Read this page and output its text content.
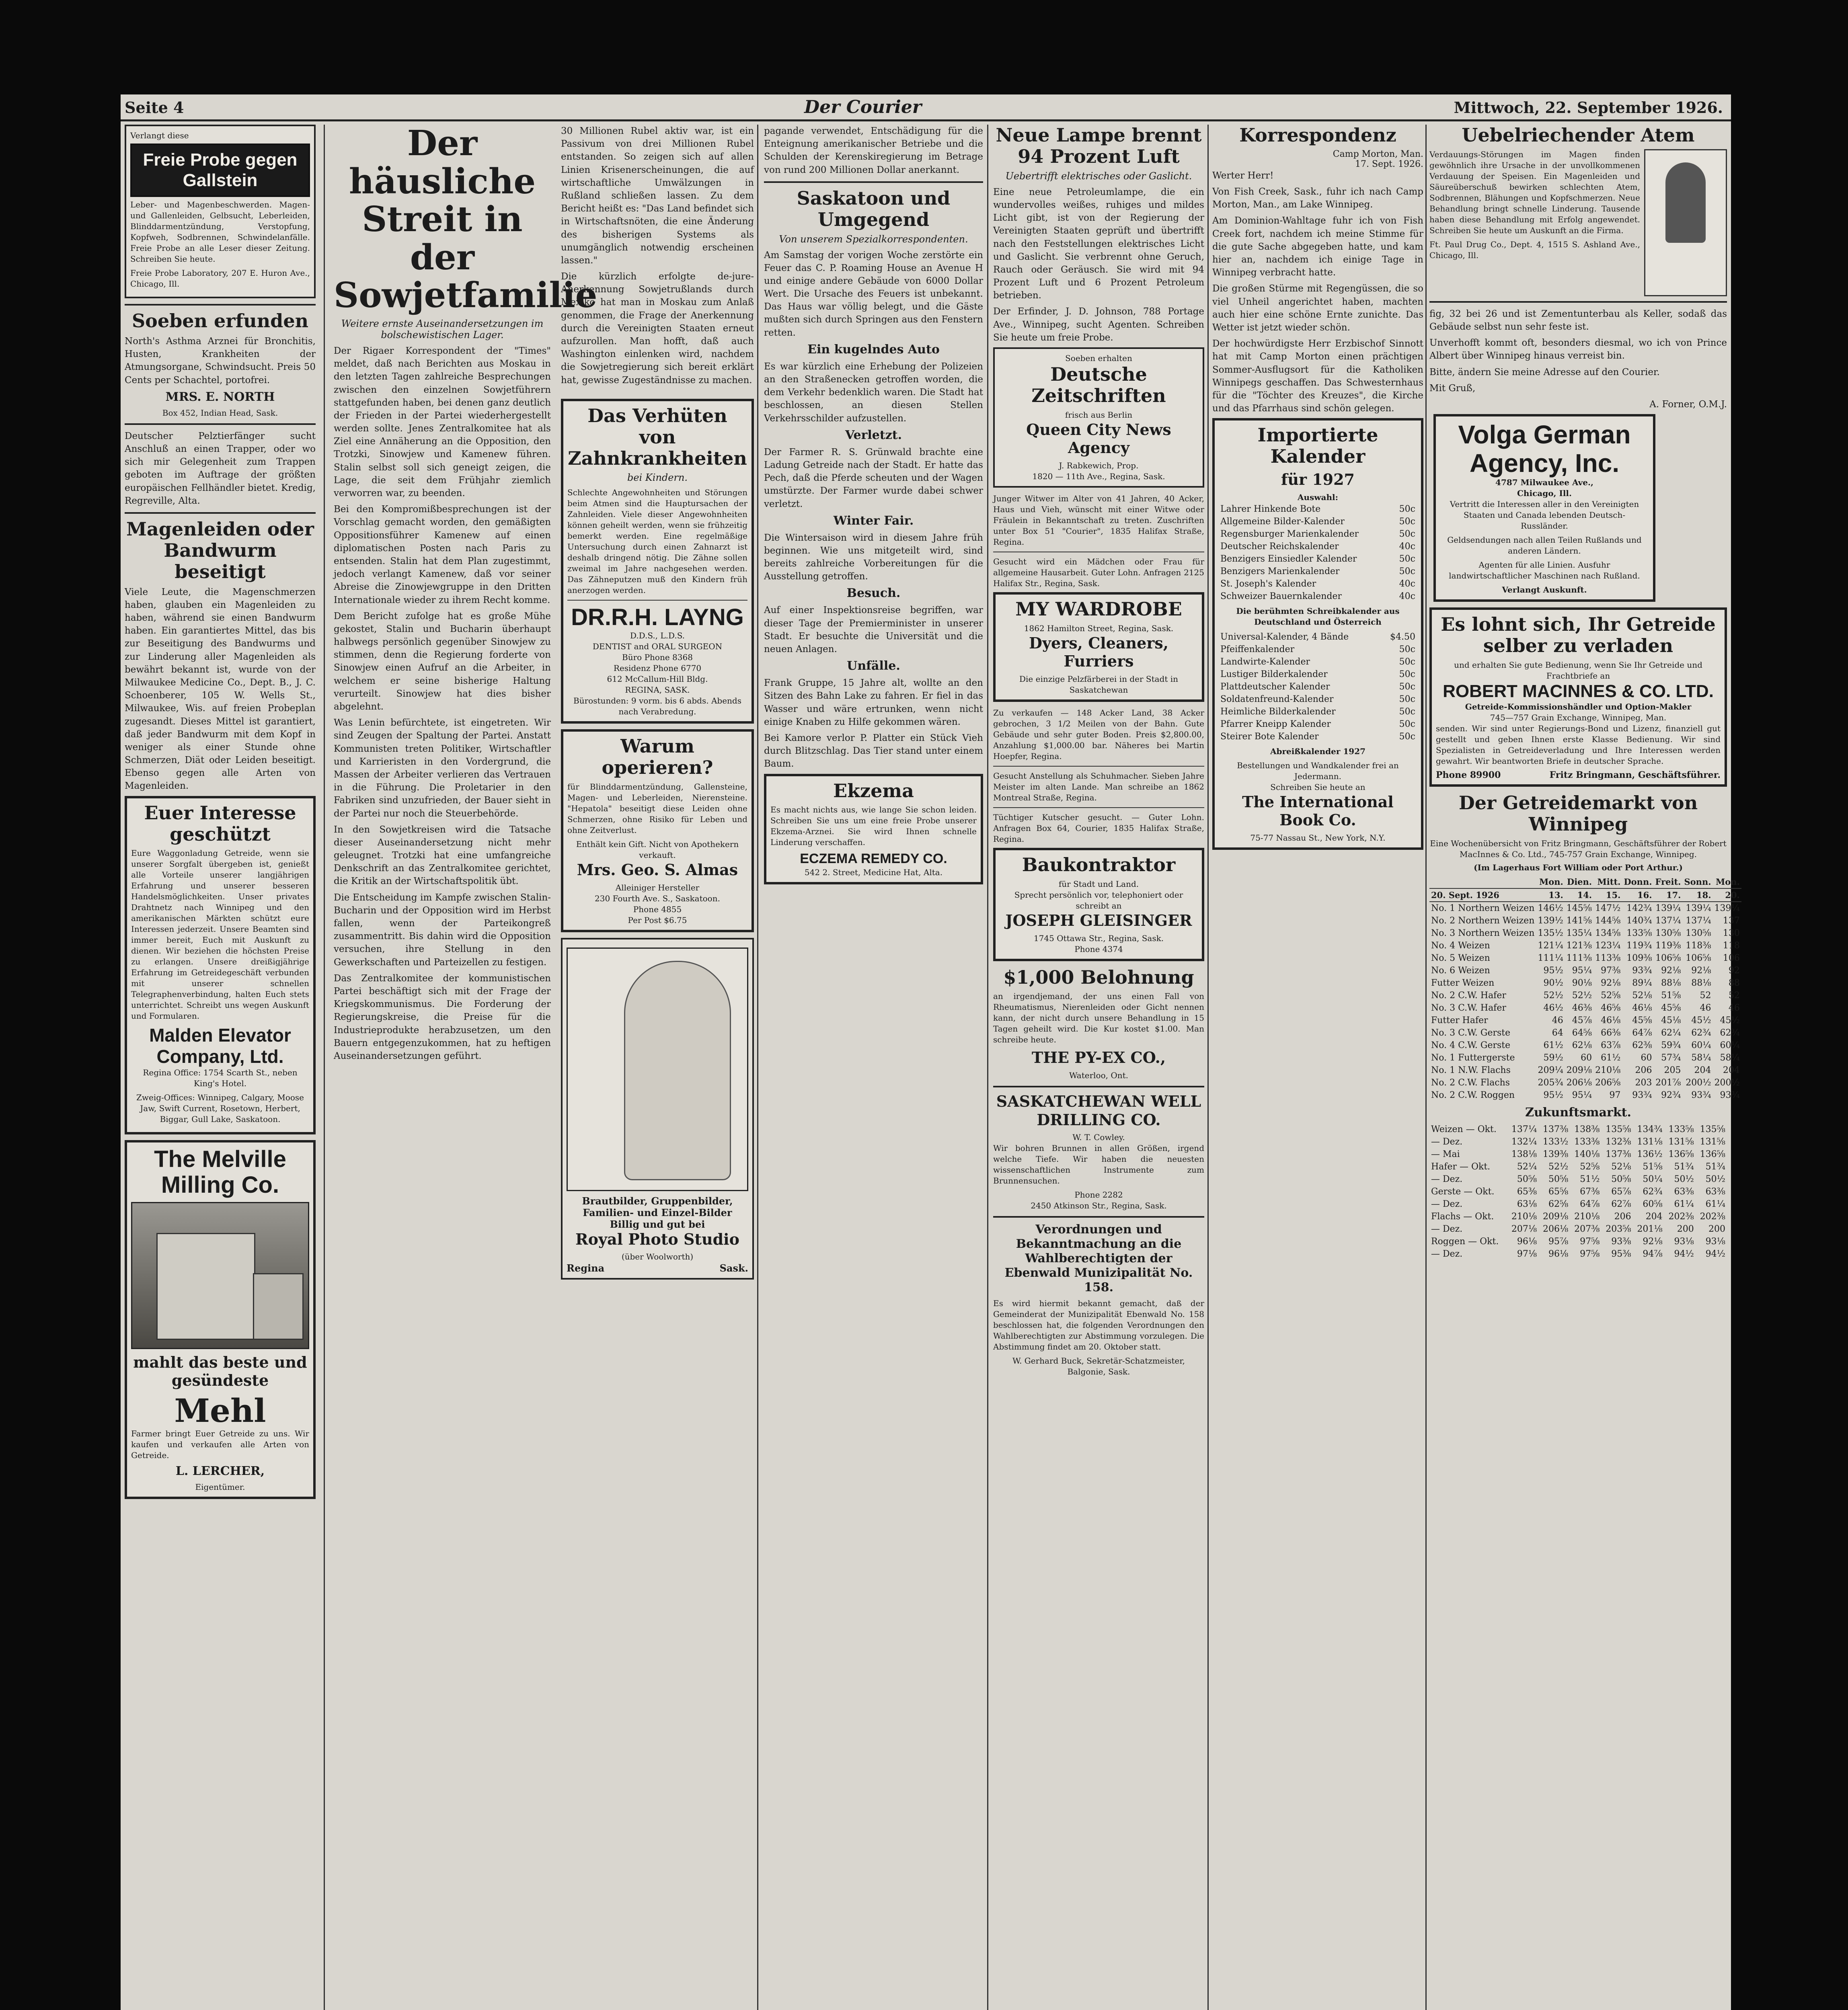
Seite 4	Der Courier	Mittwoch, 22. September 1926.
Verlangt diese
Freie Probe gegen Gallstein

Leber- und Magenbeschwerden. Magen- und Gallenleiden, Gelbsucht, Leberleiden, Blinddarmentzündung, Verstopfung, Kopfweh, Sodbrennen, Schwindelanfälle. Freie Probe an alle Leser dieser Zeitung. Schreiben Sie heute.

Freie Probe Laboratory, 207 E. Huron Ave., Chicago, Ill.

Soeben erfunden

North's Asthma Arznei für Bronchitis, Husten, Krankheiten der Atmungsorgane, Schwindsucht. Preis 50 Cents per Schachtel, portofrei.

MRS. E. NORTH
Box 452, Indian Head, Sask.

Deutscher Pelztierfänger sucht Anschluß an einen Trapper, oder wo sich mir Gelegenheit zum Trappen geboten im Auftrage der größten europäischen Fellhändler bietet. Kredig, Regreville, Alta.

Magenleiden oder Bandwurm beseitigt

Viele Leute, die Magenschmerzen haben, glauben ein Magenleiden zu haben, während sie einen Bandwurm haben. Ein garantiertes Mittel, das bis zur Beseitigung des Bandwurms und zur Linderung aller Magenleiden als bewährt bekannt ist, wurde von der Milwaukee Medicine Co., Dept. B., J. C. Schoenberer, 105 W. Wells St., Milwaukee, Wis. auf freien Probeplan zugesandt. Dieses Mittel ist garantiert, daß jeder Bandwurm mit dem Kopf in weniger als einer Stunde ohne Schmerzen, Diät oder Leiden beseitigt. Ebenso gegen alle Arten von Magenleiden.

Euer Interesse geschützt

Eure Waggonladung Getreide, wenn sie unserer Sorgfalt übergeben ist, genießt alle Vorteile unserer langjährigen Erfahrung und unserer besseren Handelsmöglichkeiten. Unser privates Drahtnetz nach Winnipeg und den amerikanischen Märkten schützt eure Interessen jederzeit. Unsere Beamten sind immer bereit, Euch mit Auskunft zu dienen. Wir beziehen die höchsten Preise zu erlangen. Unsere dreißigjährige Erfahrung im Getreidegeschäft verbunden mit unserer schnellen Telegraphenverbindung, halten Euch stets unterrichtet. Schreibt uns wegen Auskunft und Formularen.

Malden Elevator Company, Ltd.

Regina Office: 1754 Scarth St., neben King's Hotel.

Zweig-Offices: Winnipeg, Calgary, Moose Jaw, Swift Current, Rosetown, Herbert, Biggar, Gull Lake, Saskatoon.

The Melville Milling Co.
mahlt das beste und gesündeste
Mehl

Farmer bringt Euer Getreide zu uns. Wir kaufen und verkaufen alle Arten von Getreide.

L. LERCHER,
Eigentümer.
Der häusliche Streit in der Sowjetfamilie
Weitere ernste Auseinandersetzungen im bolschewistischen Lager.

Der Rigaer Korrespondent der "Times" meldet, daß nach Berichten aus Moskau in den letzten Tagen zahlreiche Besprechungen zwischen den einzelnen Sowjetführern stattgefunden haben, bei denen ganz deutlich der Frieden in der Partei wiederhergestellt werden sollte. Jenes Zentralkomitee hat als Ziel eine Annäherung an die Opposition, den Trotzki, Sinowjew und Kamenew führen. Stalin selbst soll sich geneigt zeigen, die Lage, die seit dem Frühjahr ziemlich verworren war, zu beenden.

Bei den Kompromißbesprechungen ist der Vorschlag gemacht worden, den gemäßigten Oppositionsführer Kamenew auf einen diplomatischen Posten nach Paris zu entsenden. Stalin hat dem Plan zugestimmt, jedoch verlangt Kamenew, daß vor seiner Abreise die Zinowjewgruppe in den Dritten Internationale wieder zu ihrem Recht komme.

Dem Bericht zufolge hat es große Mühe gekostet, Stalin und Bucharin überhaupt halbwegs persönlich gegenüber Sinowjew zu stimmen, denn die Regierung forderte von Sinowjew einen Aufruf an die Arbeiter, in welchem er seine bisherige Haltung verurteilt. Sinowjew hat dies bisher abgelehnt.

Was Lenin befürchtete, ist eingetreten. Wir sind Zeugen der Spaltung der Partei. Anstatt Kommunisten treten Politiker, Wirtschaftler und Karrieristen in den Vordergrund, die Massen der Arbeiter verlieren das Vertrauen in die Führung. Die Proletarier in den Fabriken sind unzufrieden, der Bauer sieht in der Partei nur noch die Steuerbehörde.

In den Sowjetkreisen wird die Tatsache dieser Auseinandersetzung nicht mehr geleugnet. Trotzki hat eine umfangreiche Denkschrift an das Zentralkomitee gerichtet, die Kritik an der Wirtschaftspolitik übt.

Die Entscheidung im Kampfe zwischen Stalin-Bucharin und der Opposition wird im Herbst fallen, wenn der Parteikongreß zusammentritt. Bis dahin wird die Opposition versuchen, ihre Stellung in den Gewerkschaften und Parteizellen zu festigen.

Das Zentralkomitee der kommunistischen Partei beschäftigt sich mit der Frage der Kriegskommunismus. Die Forderung der Regierungskreise, die Preise für die Industrieprodukte herabzusetzen, um den Bauern entgegenzukommen, hat zu heftigen Auseinandersetzungen geführt.

30 Millionen Rubel aktiv war, ist ein Passivum von drei Millionen Rubel entstanden. So zeigen sich auf allen Linien Krisenerscheinungen, die auf wirtschaftliche Umwälzungen in Rußland schließen lassen. Zu dem Bericht heißt es: "Das Land befindet sich in Wirtschaftsnöten, die eine Änderung des bisherigen Systems als unumgänglich notwendig erscheinen lassen."

Die kürzlich erfolgte de-jure-Anerkennung Sowjetrußlands durch Mexiko hat man in Moskau zum Anlaß genommen, die Frage der Anerkennung durch die Vereinigten Staaten erneut aufzurollen. Man hofft, daß auch Washington einlenken wird, nachdem die Sowjetregierung sich bereit erklärt hat, gewisse Zugeständnisse zu machen.

Das Verhüten von Zahnkrankheiten
bei Kindern.

Schlechte Angewohnheiten und Störungen beim Atmen sind die Hauptursachen der Zahnleiden. Viele dieser Angewohnheiten können geheilt werden, wenn sie frühzeitig bemerkt werden. Eine regelmäßige Untersuchung durch einen Zahnarzt ist deshalb dringend nötig. Die Zähne sollen zweimal im Jahre nachgesehen werden. Das Zähneputzen muß den Kindern früh anerzogen werden.

DR.R.H. LAYNG
D.D.S., L.D.S.
DENTIST and ORAL SURGEON
Büro Phone 8368
Residenz Phone 6770
612 McCallum-Hill Bldg.
REGINA, SASK.
Bürostunden: 9 vorm. bis 6 abds. Abends nach Verabredung.
Warum operieren?

für Blinddarmentzündung, Gallensteine, Magen- und Leberleiden, Nierensteine. "Hepatola" beseitigt diese Leiden ohne Schmerzen, ohne Risiko für Leben und ohne Zeitverlust.

Enthält kein Gift. Nicht von Apothekern verkauft.
Mrs. Geo. S. Almas
Alleiniger Hersteller
230 Fourth Ave. S., Saskatoon.
Phone 4855
Per Post $6.75
Brautbilder, Gruppenbilder, Familien- und Einzel-Bilder Billig und gut bei
Royal Photo Studio
(über Woolworth)
Regina	Sask.

pagande verwendet, Entschädigung für die Enteignung amerikanischer Betriebe und die Schulden der Kerenskiregierung im Betrage von rund 200 Millionen Dollar anerkannt.

Saskatoon und Umgegend
Von unserem Spezialkorrespondenten.

Am Samstag der vorigen Woche zerstörte ein Feuer das C. P. Roaming House an Avenue H und einige andere Gebäude von 6000 Dollar Wert. Die Ursache des Feuers ist unbekannt. Das Haus war völlig belegt, und die Gäste mußten sich durch Springen aus den Fenstern retten.

Ein kugelndes Auto

Es war kürzlich eine Erhebung der Polizeien an den Straßenecken getroffen worden, die dem Verkehr bedenklich waren. Die Stadt hat beschlossen, an diesen Stellen Verkehrsschilder aufzustellen.

Verletzt.

Der Farmer R. S. Grünwald brachte eine Ladung Getreide nach der Stadt. Er hatte das Pech, daß die Pferde scheuten und der Wagen umstürzte. Der Farmer wurde dabei schwer verletzt.

Winter Fair.

Die Wintersaison wird in diesem Jahre früh beginnen. Wie uns mitgeteilt wird, sind bereits zahlreiche Vorbereitungen für die Ausstellung getroffen.

Besuch.

Auf einer Inspektionsreise begriffen, war dieser Tage der Premierminister in unserer Stadt. Er besuchte die Universität und die neuen Anlagen.

Unfälle.

Frank Gruppe, 15 Jahre alt, wollte an den Sitzen des Bahn Lake zu fahren. Er fiel in das Wasser und wäre ertrunken, wenn nicht einige Knaben zu Hilfe gekommen wären.

Bei Kamore verlor P. Platter ein Stück Vieh durch Blitzschlag. Das Tier stand unter einem Baum.

Ekzema

Es macht nichts aus, wie lange Sie schon leiden. Schreiben Sie uns um eine freie Probe unserer Ekzema-Arznei. Sie wird Ihnen schnelle Linderung verschaffen.

ECZEMA REMEDY CO.
542 2. Street, Medicine Hat, Alta.
Neue Lampe brennt 94 Prozent Luft
Uebertrifft elektrisches oder Gaslicht.

Eine neue Petroleumlampe, die ein wundervolles weißes, ruhiges und mildes Licht gibt, ist von der Regierung der Vereinigten Staaten geprüft und übertrifft nach den Feststellungen elektrisches Licht und Gaslicht. Sie verbrennt ohne Geruch, Rauch oder Geräusch. Sie wird mit 94 Prozent Luft und 6 Prozent Petroleum betrieben.

Der Erfinder, J. D. Johnson, 788 Portage Ave., Winnipeg, sucht Agenten. Schreiben Sie heute um freie Probe.

Soeben erhalten
Deutsche Zeitschriften
frisch aus Berlin
Queen City News Agency
J. Rabkewich, Prop.
1820 — 11th Ave., Regina, Sask.

Junger Witwer im Alter von 41 Jahren, 40 Acker, Haus und Vieh, wünscht mit einer Witwe oder Fräulein in Bekanntschaft zu treten. Zuschriften unter Box 51 "Courier", 1835 Halifax Straße, Regina.

Gesucht wird ein Mädchen oder Frau für allgemeine Hausarbeit. Guter Lohn. Anfragen 2125 Halifax Str., Regina, Sask.

MY WARDROBE
1862 Hamilton Street, Regina, Sask.
Dyers, Cleaners, Furriers
Die einzige Pelzfärberei in der Stadt in Saskatchewan

Zu verkaufen — 148 Acker Land, 38 Acker gebrochen, 3 1/2 Meilen von der Bahn. Gute Gebäude und sehr guter Boden. Preis $2,800.00, Anzahlung $1,000.00 bar. Näheres bei Martin Hoepfer, Regina.

Gesucht Anstellung als Schuhmacher. Sieben Jahre Meister im alten Lande. Man schreibe an 1862 Montreal Straße, Regina.

Tüchtiger Kutscher gesucht. — Guter Lohn. Anfragen Box 64, Courier, 1835 Halifax Straße, Regina.

Baukontraktor
für Stadt und Land.
Sprecht persönlich vor, telephoniert oder schreibt an
JOSEPH GLEISINGER
1745 Ottawa Str., Regina, Sask.
Phone 4374
$1,000 Belohnung

an irgendjemand, der uns einen Fall von Rheumatismus, Nierenleiden oder Gicht nennen kann, der nicht durch unsere Behandlung in 15 Tagen geheilt wird. Die Kur kostet $1.00. Man schreibe heute.

THE PY-EX CO.,
Waterloo, Ont.
SASKATCHEWAN WELL DRILLING CO.
W. T. Cowley.

Wir bohren Brunnen in allen Größen, irgend welche Tiefe. Wir haben die neuesten wissenschaftlichen Instrumente zum Brunnensuchen.

Phone 2282
2450 Atkinson Str., Regina, Sask.
Verordnungen und Bekanntmachung an die Wahlberechtigten der Ebenwald Munizipalität No. 158.

Es wird hiermit bekannt gemacht, daß der Gemeinderat der Munizipalität Ebenwald No. 158 beschlossen hat, die folgenden Verordnungen den Wahlberechtigten zur Abstimmung vorzulegen. Die Abstimmung findet am 20. Oktober statt.

W. Gerhard Buck, Sekretär-Schatzmeister, Balgonie, Sask.
Korrespondenz
Camp Morton, Man.
17. Sept. 1926.

Werter Herr!

Von Fish Creek, Sask., fuhr ich nach Camp Morton, Man., am Lake Winnipeg.

Am Dominion-Wahltage fuhr ich von Fish Creek fort, nachdem ich meine Stimme für die gute Sache abgegeben hatte, und kam hier an, nachdem ich einige Tage in Winnipeg verbracht hatte.

Die großen Stürme mit Regengüssen, die so viel Unheil angerichtet haben, machten auch hier eine schöne Ernte zunichte. Das Wetter ist jetzt wieder schön.

Der hochwürdigste Herr Erzbischof Sinnott hat mit Camp Morton einen prächtigen Sommer-Ausflugsort für die Katholiken Winnipegs geschaffen. Das Schwesternhaus für die "Töchter des Kreuzes", die Kirche und das Pfarrhaus sind schön gelegen.

Importierte Kalender
für 1927
Auswahl:
Lahrer Hinkende Bote	50c
Allgemeine Bilder-Kalender	50c
Regensburger Marienkalender	50c
Deutscher Reichskalender	40c
Benzigers Einsiedler Kalender	50c
Benzigers Marienkalender	50c
St. Joseph's Kalender	40c
Schweizer Bauernkalender	40c
Die berühmten Schreibkalender aus Deutschland und Österreich
Universal-Kalender, 4 Bände	$4.50
Pfeiffenkalender	50c
Landwirte-Kalender	50c
Lustiger Bilderkalender	50c
Plattdeutscher Kalender	50c
Soldatenfreund-Kalender	50c
Heimliche Bilderkalender	50c
Pfarrer Kneipp Kalender	50c
Steirer Bote Kalender	50c
Abreißkalender 1927
Bestellungen und Wandkalender frei an Jedermann.
Schreiben Sie heute an
The International Book Co.
75-77 Nassau St., New York, N.Y.
Uebelriechender Atem

Verdauungs-Störungen im Magen finden gewöhnlich ihre Ursache in der unvollkommenen Verdauung der Speisen. Ein Magenleiden und Säureüberschuß bewirken schlechten Atem, Sodbrennen, Blähungen und Kopfschmerzen. Neue Behandlung bringt schnelle Linderung. Tausende haben diese Behandlung mit Erfolg angewendet. Schreiben Sie heute um Auskunft an die Firma.

Ft. Paul Drug Co., Dept. 4, 1515 S. Ashland Ave., Chicago, Ill.

fig, 32 bei 26 und ist Zementunterbau als Keller, sodaß das Gebäude selbst nun sehr feste ist.

Unverhofft kommt oft, besonders diesmal, wo ich von Prince Albert über Winnipeg hinaus verreist bin.

Bitte, ändern Sie meine Adresse auf den Courier.

Mit Gruß,

A. Forner, O.M.J.

Volga German Agency, Inc.
4787 Milwaukee Ave.,
Chicago, Ill.

Vertritt die Interessen aller in den Vereinigten Staaten und Canada lebenden Deutsch-Russländer.

Geldsendungen nach allen Teilen Rußlands und anderen Ländern.

Agenten für alle Linien. Ausfuhr landwirtschaftlicher Maschinen nach Rußland.

Verlangt Auskunft.
Es lohnt sich, Ihr Getreide selber zu verladen
und erhalten Sie gute Bedienung, wenn Sie Ihr Getreide und Frachtbriefe an
ROBERT MACINNES & CO. LTD.
Getreide-Kommissionshändler und Option-Makler
745—757 Grain Exchange, Winnipeg, Man.

senden. Wir sind unter Regierungs-Bond und Lizenz, finanziell gut gestellt und geben Ihnen erste Klasse Bedienung. Wir sind Spezialisten in Getreideverladung und Ihre Interessen werden gewahrt. Wir beantworten Briefe in deutscher Sprache.

Phone 89900	Fritz Bringmann, Geschäftsführer.
Der Getreidemarkt von Winnipeg
Eine Wochenübersicht von Fritz Bringmann, Geschäftsführer der Robert MacInnes & Co. Ltd., 745-757 Grain Exchange, Winnipeg.
(Im Lagerhaus Fort William oder Port Arthur.)
	Mon.	Dien.	Mitt.	Donn.	Freit.	Sonn.	Mon.
20. Sept. 1926	13.	14.	15.	16.	17.	18.	20.
No. 1 Northern Weizen	146½	145⅝	147½	142¾	139¼	139¼	139¼
No. 2 Northern Weizen	139½	141⅝	144⅝	140¾	137¼	137¼	137
No. 3 Northern Weizen	135½	135¼	134⅝	133⅝	130⅝	130⅝	130
No. 4 Weizen	121¼	121⅜	123¼	119¾	119⅜	118⅜	118
No. 5 Weizen	111¼	111⅜	113⅜	109⅜	106⅝	106⅝	106
No. 6 Weizen	95½	95¼	97⅜	93¾	92⅛	92⅛	92
Futter Weizen	90½	90⅛	92⅛	89¼	88⅛	88⅛	88
No. 2 C.W. Hafer	52½	52½	52⅝	52⅛	51⅝	52	52
No. 3 C.W. Hafer	46½	46⅜	46⅝	46⅛	45⅝	46	46
Futter Hafer	46	45⅞	46⅛	45⅝	45⅛	45½	45½
No. 3 C.W. Gerste	64	64⅝	66⅜	64⅞	62¼	62¾	62¾
No. 4 C.W. Gerste	61½	62⅛	63⅞	62⅜	59¾	60¼	60¼
No. 1 Futtergerste	59½	60	61½	60	57¾	58¼	58¼
No. 1 N.W. Flachs	209¼	209⅛	210⅛	206	205	204	204
No. 2 C.W. Flachs	205¾	206⅛	206⅝	203	201⅞	200½	200½
No. 2 C.W. Roggen	95½	95¼	97	93¾	92¾	93¾	93¾
Zukunftsmarkt.
Weizen — Okt.	137¼	137⅜	138⅜	135⅝	134¾	133⅝	135⅝
— Dez.	132¼	133½	133⅜	132⅜	131⅛	131⅝	131⅝
— Mai	138⅛	139⅜	140⅛	137⅜	136½	136⅝	136⅝
Hafer — Okt.	52¼	52½	52⅝	52⅛	51⅝	51¾	51¾
— Dez.	50⅝	50⅝	51½	50⅝	50¼	50½	50½
Gerste — Okt.	65⅜	65⅝	67⅜	65⅞	62¾	63⅜	63⅜
— Dez.	63⅛	62⅝	64⅞	62⅞	60⅝	61¼	61¼
Flachs — Okt.	210⅛	209⅛	210⅛	206	204	202⅜	202⅜
— Dez.	207⅛	206⅛	207⅜	203⅝	201⅛	200	200
Roggen — Okt.	96⅛	95⅞	97⅝	93⅜	92⅛	93⅛	93⅛
— Dez.	97⅛	96⅛	97⅝	95⅜	94⅞	94½	94½
